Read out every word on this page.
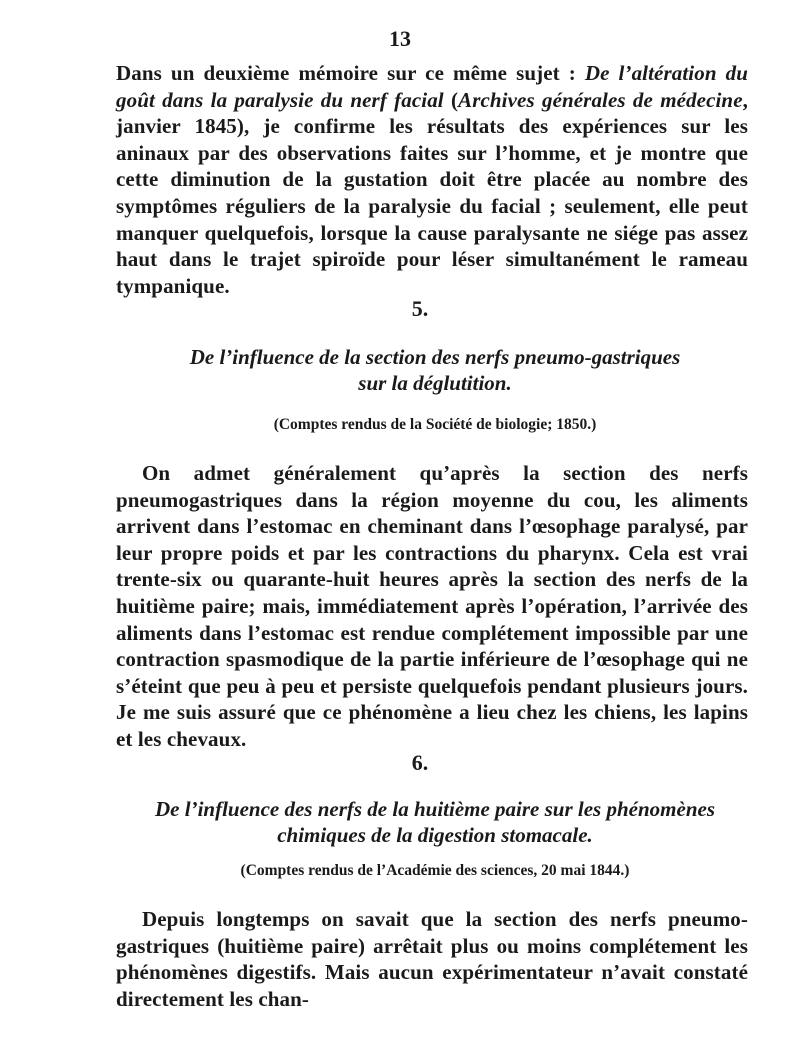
13
Dans un deuxième mémoire sur ce même sujet : De l’altération du goût dans la paralysie du nerf facial (Archives générales de médecine, janvier 1845), je confirme les résultats des expériences sur les aninaux par des observations faites sur l’homme, et je montre que cette diminution de la gustation doit être placée au nombre des symptômes réguliers de la paralysie du facial ; seulement, elle peut manquer quelquefois, lorsque la cause paralysante ne siége pas assez haut dans le trajet spiroïde pour léser simultanément le rameau tympanique.
5.
De l’influence de la section des nerfs pneumo-gastriques
sur la déglutition.
(Comptes rendus de la Société de biologie; 1850.)
On admet généralement qu’après la section des nerfs pneumogastriques dans la région moyenne du cou, les aliments arrivent dans l’estomac en cheminant dans l’œsophage paralysé, par leur propre poids et par les contractions du pharynx. Cela est vrai trente-six ou quarante-huit heures après la section des nerfs de la huitième paire; mais, immédiatement après l’opération, l’arrivée des aliments dans l’estomac est rendue complétement impossible par une contraction spasmodique de la partie inférieure de l’œsophage qui ne s’éteint que peu à peu et persiste quelquefois pendant plusieurs jours. Je me suis assuré que ce phénomène a lieu chez les chiens, les lapins et les chevaux.
6.
De l’influence des nerfs de la huitième paire sur les phénomènes
chimiques de la digestion stomacale.
(Comptes rendus de l’Académie des sciences, 20 mai 1844.)
Depuis longtemps on savait que la section des nerfs pneumo-gastriques (huitième paire) arrêtait plus ou moins complétement les phénomènes digestifs. Mais aucun expérimentateur n’avait constaté directement les chan-
